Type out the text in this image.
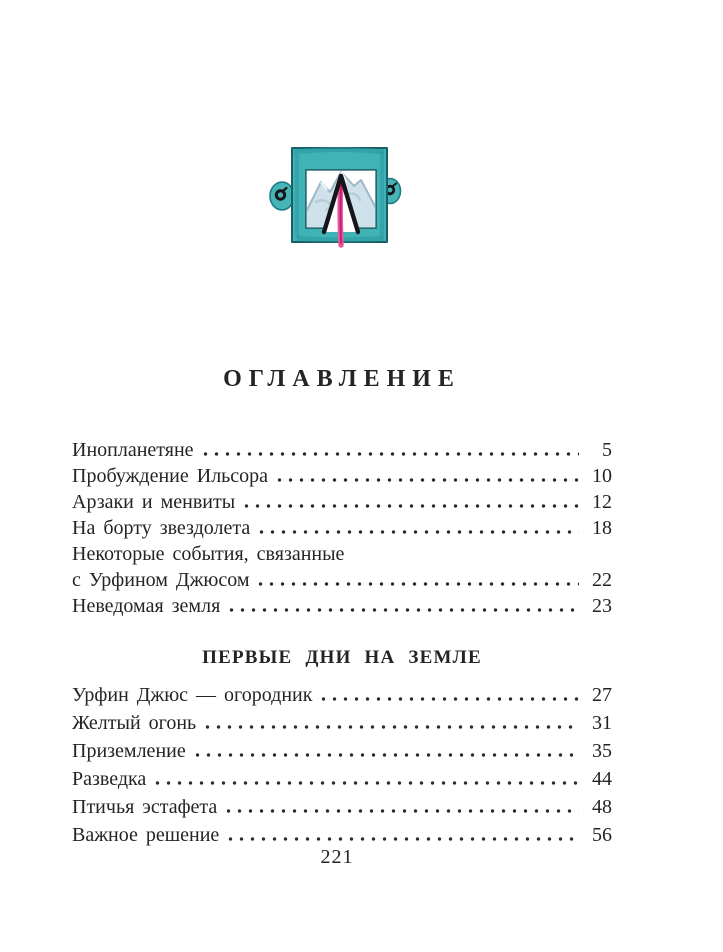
ОГЛАВЛЕНИЕ
Инопланетяне	5
Пробуждение Ильсора	10
Арзаки и менвиты	12
На борту звездолета	18
Некоторые события, связанные
с Урфином Джюсом	22
Неведомая земля	23
ПЕРВЫЕ ДНИ НА ЗЕМЛЕ
Урфин Джюс — огородник	27
Желтый огонь	31
Приземление	35
Разведка	44
Птичья эстафета	48
Важное решение	56
221
